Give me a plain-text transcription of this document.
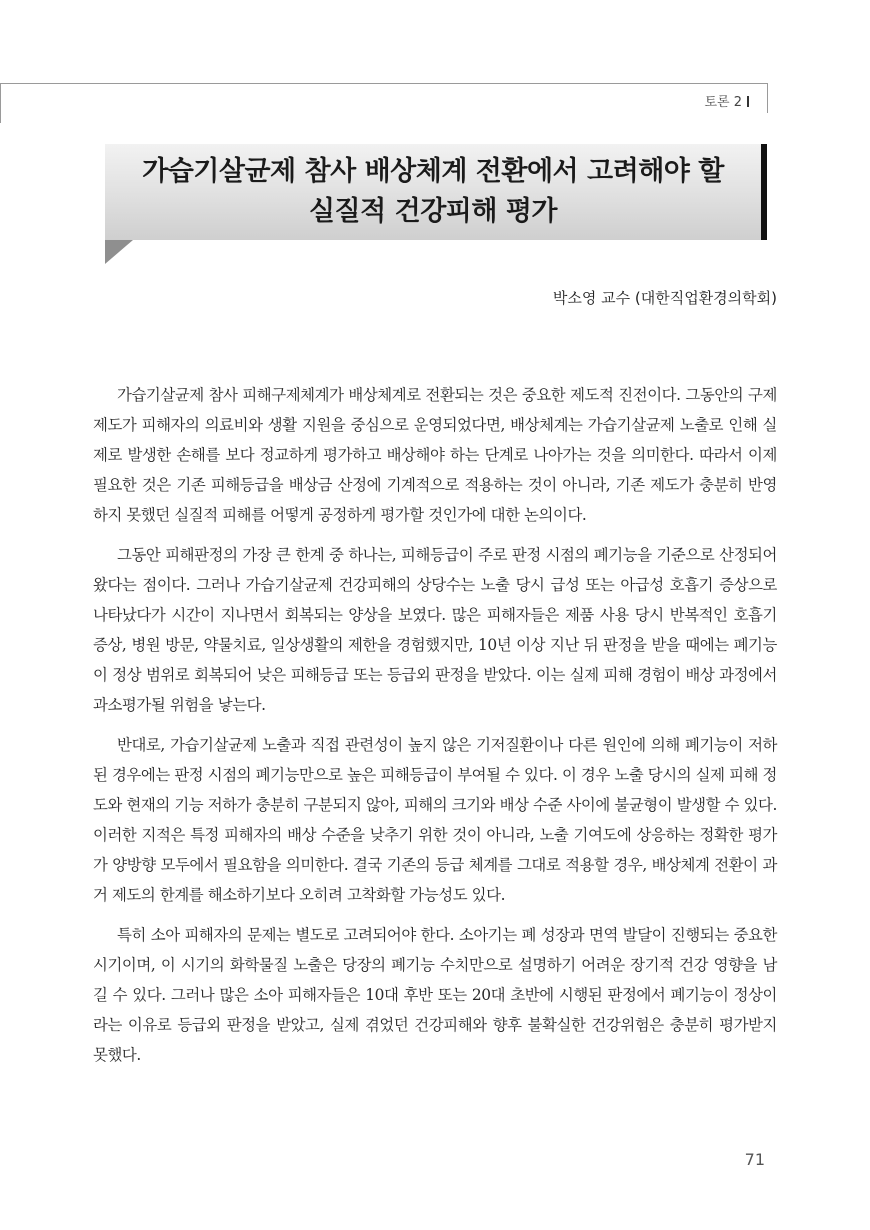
토론 2
가습기살균제 참사 배상체계 전환에서 고려해야 할
실질적 건강피해 평가
박소영 교수 (대한직업환경의학회)

가습기살균제 참사 피해구제체계가 배상체계로 전환되는 것은 중요한 제도적 진전이다. 그동안의 구제제도가 피해자의 의료비와 생활 지원을 중심으로 운영되었다면, 배상체계는 가습기살균제 노출로 인해 실제로 발생한 손해를 보다 정교하게 평가하고 배상해야 하는 단계로 나아가는 것을 의미한다. 따라서 이제 필요한 것은 기존 피해등급을 배상금 산정에 기계적으로 적용하는 것이 아니라, 기존 제도가 충분히 반영하지 못했던 실질적 피해를 어떻게 공정하게 평가할 것인가에 대한 논의이다.

그동안 피해판정의 가장 큰 한계 중 하나는, 피해등급이 주로 판정 시점의 폐기능을 기준으로 산정되어 왔다는 점이다. 그러나 가습기살균제 건강피해의 상당수는 노출 당시 급성 또는 아급성 호흡기 증상으로 나타났다가 시간이 지나면서 회복되는 양상을 보였다. 많은 피해자들은 제품 사용 당시 반복적인 호흡기 증상, 병원 방문, 약물치료, 일상생활의 제한을 경험했지만, 10년 이상 지난 뒤 판정을 받을 때에는 폐기능이 정상 범위로 회복되어 낮은 피해등급 또는 등급외 판정을 받았다. 이는 실제 피해 경험이 배상 과정에서 과소평가될 위험을 낳는다.

반대로, 가습기살균제 노출과 직접 관련성이 높지 않은 기저질환이나 다른 원인에 의해 폐기능이 저하된 경우에는 판정 시점의 폐기능만으로 높은 피해등급이 부여될 수 있다. 이 경우 노출 당시의 실제 피해 정도와 현재의 기능 저하가 충분히 구분되지 않아, 피해의 크기와 배상 수준 사이에 불균형이 발생할 수 있다. 이러한 지적은 특정 피해자의 배상 수준을 낮추기 위한 것이 아니라, 노출 기여도에 상응하는 정확한 평가가 양방향 모두에서 필요함을 의미한다. 결국 기존의 등급 체계를 그대로 적용할 경우, 배상체계 전환이 과거 제도의 한계를 해소하기보다 오히려 고착화할 가능성도 있다.

특히 소아 피해자의 문제는 별도로 고려되어야 한다. 소아기는 폐 성장과 면역 발달이 진행되는 중요한 시기이며, 이 시기의 화학물질 노출은 당장의 폐기능 수치만으로 설명하기 어려운 장기적 건강 영향을 남길 수 있다. 그러나 많은 소아 피해자들은 10대 후반 또는 20대 초반에 시행된 판정에서 폐기능이 정상이라는 이유로 등급외 판정을 받았고, 실제 겪었던 건강피해와 향후 불확실한 건강위험은 충분히 평가받지 못했다.

71
